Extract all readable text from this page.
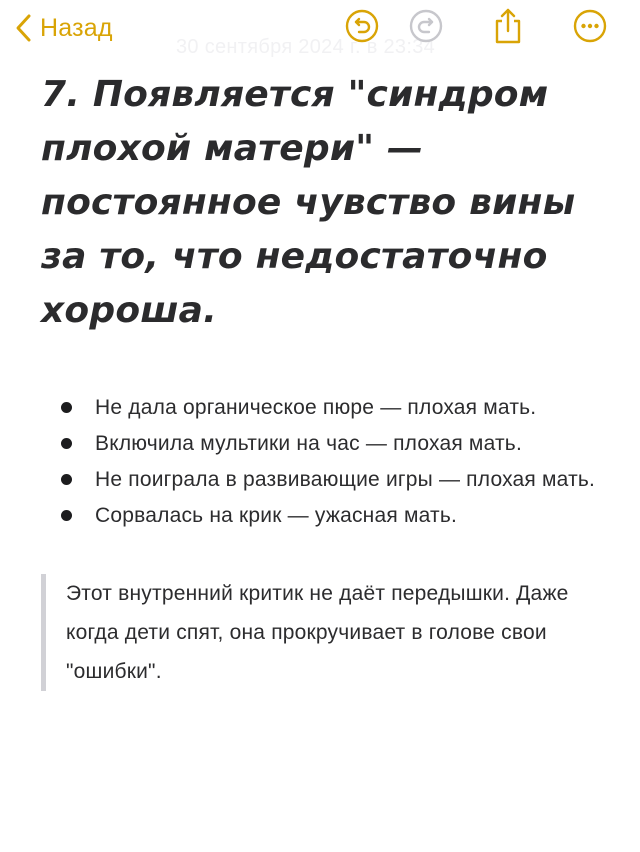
30 сентября 2024 г. в 23:34
Назад
7. Появляется "синдром плохой матери" — постоянное чувство вины за то, что недостаточно хороша.
Не дала органическое пюре — плохая мать.
Включила мультики на час — плохая мать.
Не поиграла в развивающие игры — плохая мать.
Сорвалась на крик — ужасная мать.
Этот внутренний критик не даёт передышки. Даже когда дети спят, она прокручивает в голове свои "ошибки".
